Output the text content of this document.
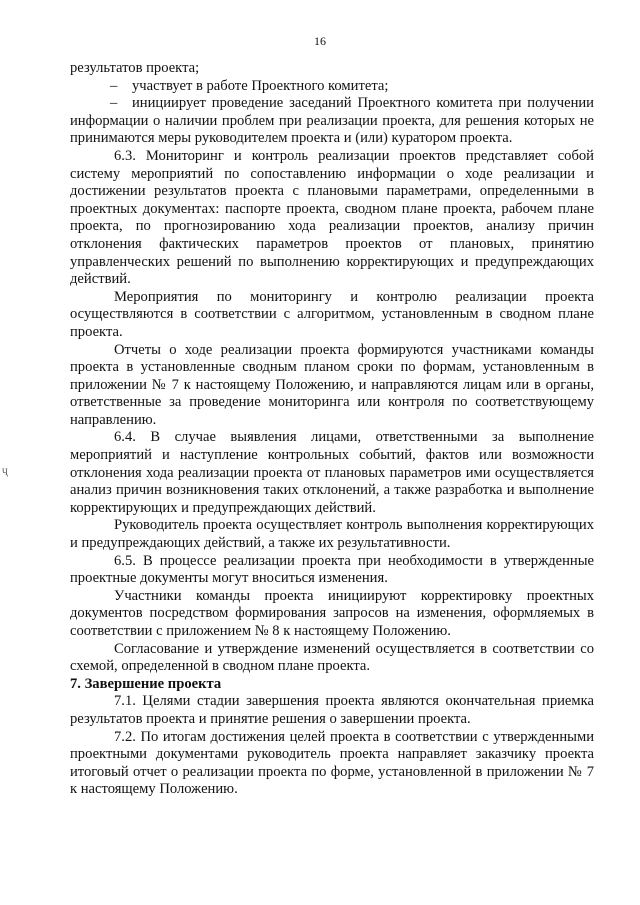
16
Ҷ

результатов проекта;

– участвует в работе Проектного комитета;

– инициирует проведение заседаний Проектного комитета при получении информации о наличии проблем при реализации проекта, для решения которых не принимаются меры руководителем проекта и (или) куратором проекта.

6.3. Мониторинг и контроль реализации проектов представляет собой систему мероприятий по сопоставлению информации о ходе реализации и достижении результатов проекта с плановыми параметрами, определенными в проектных документах: паспорте проекта, сводном плане проекта, рабочем плане проекта, по прогнозированию хода реализации проектов, анализу причин отклонения фактических параметров проектов от плановых, принятию управленческих решений по выполнению корректирующих и предупреждающих действий.

Мероприятия по мониторингу и контролю реализации проекта осуществляются в соответствии с алгоритмом, установленным в сводном плане проекта.

Отчеты о ходе реализации проекта формируются участниками команды проекта в установленные сводным планом сроки по формам, установленным в приложении № 7 к настоящему Положению, и направляются лицам или в органы, ответственные за проведение мониторинга или контроля по соответствующему направлению.

6.4. В случае выявления лицами, ответственными за выполнение мероприятий и наступление контрольных событий, фактов или возможности отклонения хода реализации проекта от плановых параметров ими осуществляется анализ причин возникновения таких отклонений, а также разработка и выполнение корректирующих и предупреждающих действий.

Руководитель проекта осуществляет контроль выполнения корректирующих и предупреждающих действий, а также их результативности.

6.5. В процессе реализации проекта при необходимости в утвержденные проектные документы могут вноситься изменения.

Участники команды проекта инициируют корректировку проектных документов посредством формирования запросов на изменения, оформляемых в соответствии с приложением № 8 к настоящему Положению.

Согласование и утверждение изменений осуществляется в соответствии со схемой, определенной в сводном плане проекта.

7. Завершение проекта

7.1. Целями стадии завершения проекта являются окончательная приемка результатов проекта и принятие решения о завершении проекта.

7.2. По итогам достижения целей проекта в соответствии с утвержденными проектными документами руководитель проекта направляет заказчику проекта итоговый отчет о реализации проекта по форме, установленной в приложении № 7 к настоящему Положению.
